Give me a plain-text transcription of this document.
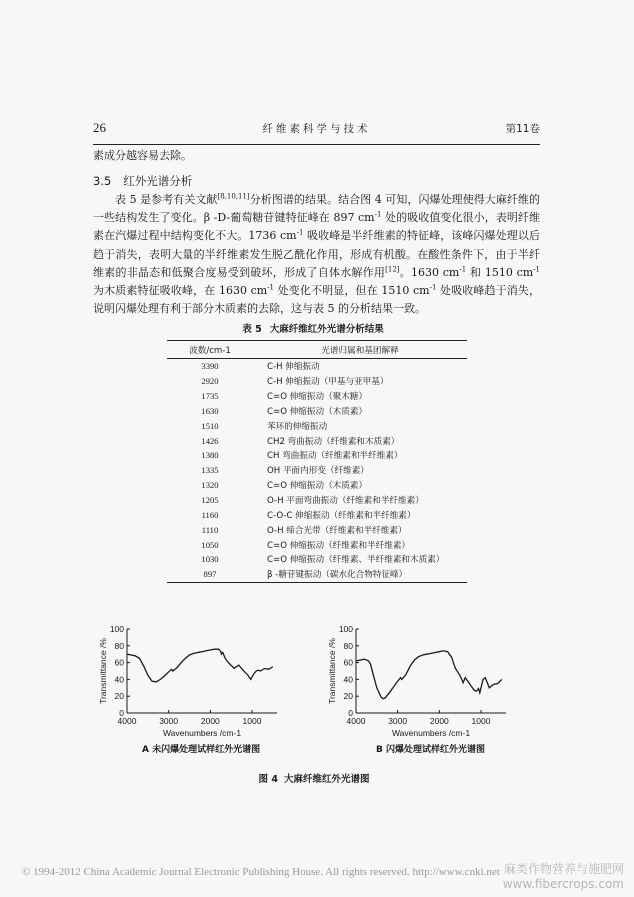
26	纤维素科学与技术	第11卷
素成分越容易去除。
3.5 红外光谱分析
表 5 是参考有关文献[8,10,11]分析图谱的结果。结合图 4 可知，闪爆处理使得大麻纤维的一些结构发生了变化。β -D-葡萄糖苷键特征峰在 897 $cm^{-1}$ 处的吸收值变化很小，表明纤维素在汽爆过程中结构变化不大。1736 $cm^{-1}$ 吸收峰是半纤维素的特征峰，该峰闪爆处理以后趋于消失，表明大量的半纤维素发生脱乙酰化作用，形成有机酸。在酸性条件下，由于半纤维素的非晶态和低聚合度易受到破坏，形成了自体水解作用[12]。1630 $cm^{-1}$ 和 1510 $cm^{-1}$ 为木质素特征吸收峰，在 1630 $cm^{-1}$ 处变化不明显，但在 1510 $cm^{-1}$ 处吸收峰趋于消失，说明闪爆处理有利于部分木质素的去除，这与表 5 的分析结果一致。
表 5 大麻纤维红外光谱分析结果
波数/cm-1	光谱归属和基团解释
3390	C-H 伸缩振动
2920	C-H 伸缩振动（甲基与亚甲基）
1735	C=O 伸缩振动（聚木糖）
1630	C=O 伸缩振动（木质素）
1510	苯环的伸缩振动
1426	CH2 弯曲振动（纤维素和木质素）
1380	CH 弯曲振动（纤维素和半纤维素）
1335	OH 平面内形变（纤维素）
1320	C=O 伸缩振动（木质素）
1205	O-H 平面弯曲振动（纤维素和半纤维素）
1160	C-O-C 伸缩振动（纤维素和半纤维素）
1110	O-H 缔合光带（纤维素和半纤维素）
1050	C=O 伸缩振动（纤维素和半纤维素）
1030	C=O 伸缩振动（纤维素、半纤维素和木质素）
897	β -糖苷键振动（碳水化合物特征峰）
0
20
40
60
80
100
4000	3000	2000	1000
Wavenumbers /cm-1
Transmittance /%
0
20
40
60
80
100
4000	3000	2000	1000
Wavenumbers /cm-1
Transmittance /%
A 未闪爆处理试样红外光谱图	B 闪爆处理试样红外光谱图
图 4 大麻纤维红外光谱图
© 1994-2012 China Academic Journal Electronic Publishing House. All rights reserved. http://www.cnki.net 麻类作物营养与施肥网
www.fibercrops.com
